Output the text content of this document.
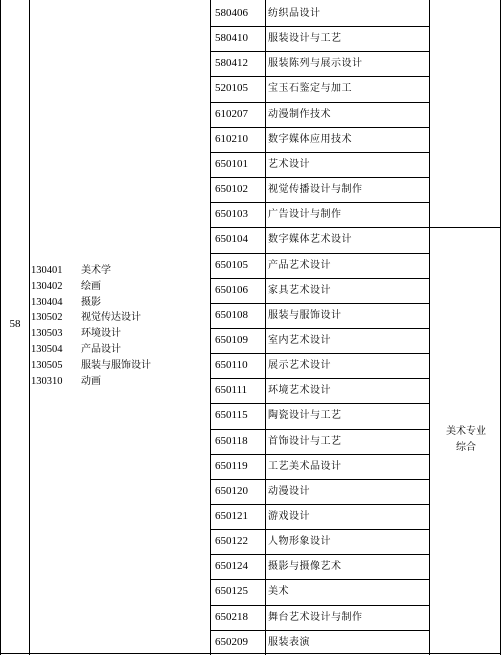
58
130401 美术学
130402 绘画
130404 摄影
130502 视觉传达设计
130503 环境设计
130504 产品设计
130505 服装与服饰设计
130310 动画
580406	纺织品设计
580410	服装设计与工艺
580412	服装陈列与展示设计
520105	宝玉石鉴定与加工
610207	动漫制作技术
610210	数字媒体应用技术
650101	艺术设计
650102	视觉传播设计与制作
650103	广告设计与制作
650104	数字媒体艺术设计
650105	产品艺术设计
650106	家具艺术设计
650108	服装与服饰设计
650109	室内艺术设计
650110	展示艺术设计
650111	环境艺术设计
650115	陶瓷设计与工艺
650118	首饰设计与工艺
650119	工艺美术品设计
650120	动漫设计
650121	游戏设计
650122	人物形象设计
650124	摄影与摄像艺术
650125	美术
650218	舞台艺术设计与制作
650209	服装表演
美术专业
综合
